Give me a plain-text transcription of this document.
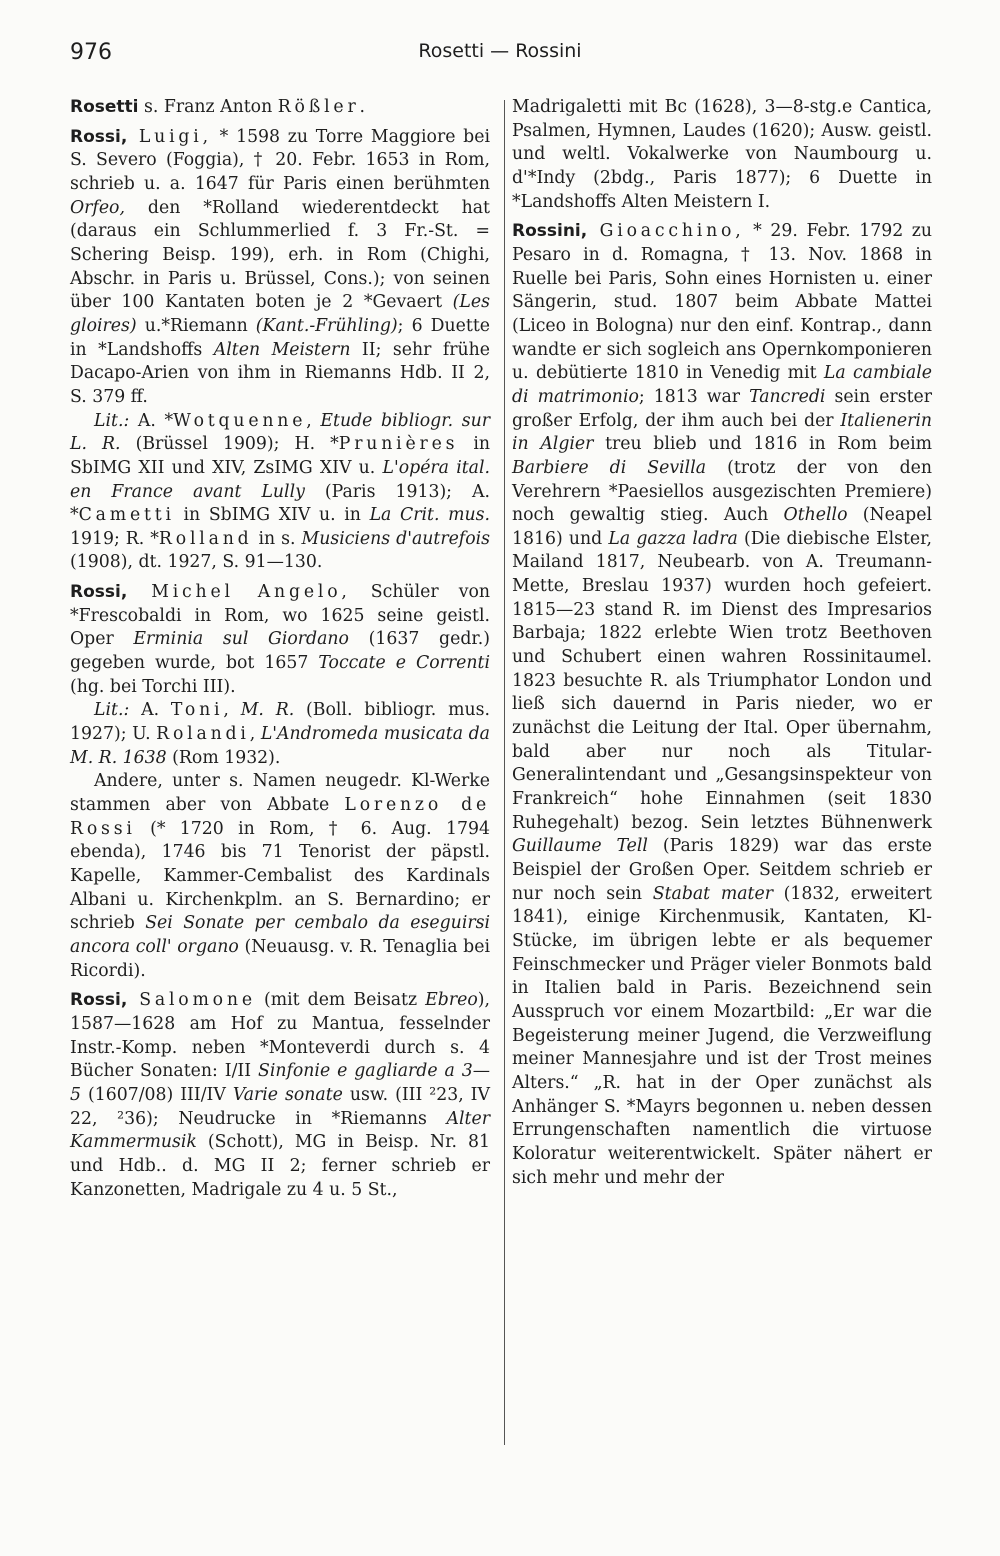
976	Rosetti — Rossini

Rosetti s. Franz Anton Rößler.

Rossi, Luigi, * 1598 zu Torre Maggiore bei S. Severo (Foggia), † 20. Febr. 1653 in Rom, schrieb u. a. 1647 für Paris einen berühmten Orfeo, den *Rolland wiederentdeckt hat (daraus ein Schlummerlied f. 3 Fr.-St. = Schering Beisp. 199), erh. in Rom (Chighi, Abschr. in Paris u. Brüssel, Cons.); von seinen über 100 Kantaten boten je 2 *Gevaert (Les gloires) u.*Riemann (Kant.-Frühling); 6 Duette in *Landshoffs Alten Meistern II; sehr frühe Dacapo-Arien von ihm in Riemanns Hdb. II 2, S. 379 ff.

Lit.: A. *Wotquenne, Etude bibliogr. sur L. R. (Brüssel 1909); H. *Prunières in SbIMG XII und XIV, ZsIMG XIV u. L'opéra ital. en France avant Lully (Paris 1913); A. *Cametti in SbIMG XIV u. in La Crit. mus. 1919; R. *Rolland in s. Musiciens d'autrefois (1908), dt. 1927, S. 91—130.

Rossi, Michel Angelo, Schüler von *Frescobaldi in Rom, wo 1625 seine geistl. Oper Erminia sul Giordano (1637 gedr.) gegeben wurde, bot 1657 Toccate e Correnti (hg. bei Torchi III).

Lit.: A. Toni, M. R. (Boll. bibliogr. mus. 1927); U. Rolandi, L'Andromeda musicata da M. R. 1638 (Rom 1932).

Andere, unter s. Namen neugedr. Kl-Werke stammen aber von Abbate Lorenzo de Rossi (* 1720 in Rom, † 6. Aug. 1794 ebenda), 1746 bis 71 Tenorist der päpstl. Kapelle, Kammer-Cembalist des Kardinals Albani u. Kirchenkplm. an S. Bernardino; er schrieb Sei Sonate per cembalo da eseguirsi ancora coll' organo (Neuausg. v. R. Tenaglia bei Ricordi).

Rossi, Salomone (mit dem Beisatz Ebreo), 1587—1628 am Hof zu Mantua, fesselnder Instr.-Komp. neben *Monteverdi durch s. 4 Bücher Sonaten: I/II Sinfonie e gagliarde a 3—5 (1607/08) III/IV Varie sonate usw. (III ²23, IV 22, ²36); Neudrucke in *Riemanns Alter Kammermusik (Schott), MG in Beisp. Nr. 81 und Hdb.. d. MG II 2; ferner schrieb er Kanzonetten, Madrigale zu 4 u. 5 St.,

Madrigaletti mit Bc (1628), 3—8-stg.e Cantica, Psalmen, Hymnen, Laudes (1620); Ausw. geistl. und weltl. Vokalwerke von Naumbourg u. d'*Indy (2bdg., Paris 1877); 6 Duette in *Landshoffs Alten Meistern I.

Rossini, Gioacchino, * 29. Febr. 1792 zu Pesaro in d. Romagna, † 13. Nov. 1868 in Ruelle bei Paris, Sohn eines Hornisten u. einer Sängerin, stud. 1807 beim Abbate Mattei (Liceo in Bologna) nur den einf. Kontrap., dann wandte er sich sogleich ans Opernkomponieren u. debütierte 1810 in Venedig mit La cambiale di matrimonio; 1813 war Tancredi sein erster großer Erfolg, der ihm auch bei der Italienerin in Algier treu blieb und 1816 in Rom beim Barbiere di Sevilla (trotz der von den Verehrern *Paesiellos ausgezischten Premiere) noch gewaltig stieg. Auch Othello (Neapel 1816) und La gazza ladra (Die diebische Elster, Mailand 1817, Neubearb. von A. Treumann-Mette, Breslau 1937) wurden hoch gefeiert. 1815—23 stand R. im Dienst des Impresarios Barbaja; 1822 erlebte Wien trotz Beethoven und Schubert einen wahren Rossinitaumel. 1823 besuchte R. als Triumphator London und ließ sich dauernd in Paris nieder, wo er zunächst die Leitung der Ital. Oper übernahm, bald aber nur noch als Titular-Generalintendant und „Gesangsinspekteur von Frankreich“ hohe Einnahmen (seit 1830 Ruhegehalt) bezog. Sein letztes Bühnenwerk Guillaume Tell (Paris 1829) war das erste Beispiel der Großen Oper. Seitdem schrieb er nur noch sein Stabat mater (1832, erweitert 1841), einige Kirchenmusik, Kantaten, Kl-Stücke, im übrigen lebte er als bequemer Feinschmecker und Präger vieler Bonmots bald in Italien bald in Paris. Bezeichnend sein Ausspruch vor einem Mozartbild: „Er war die Begeisterung meiner Jugend, die Verzweiflung meiner Mannesjahre und ist der Trost meines Alters.“ „R. hat in der Oper zunächst als Anhänger S. *Mayrs begonnen u. neben dessen Errungenschaften namentlich die virtuose Koloratur weiterentwickelt. Später nähert er sich mehr und mehr der
